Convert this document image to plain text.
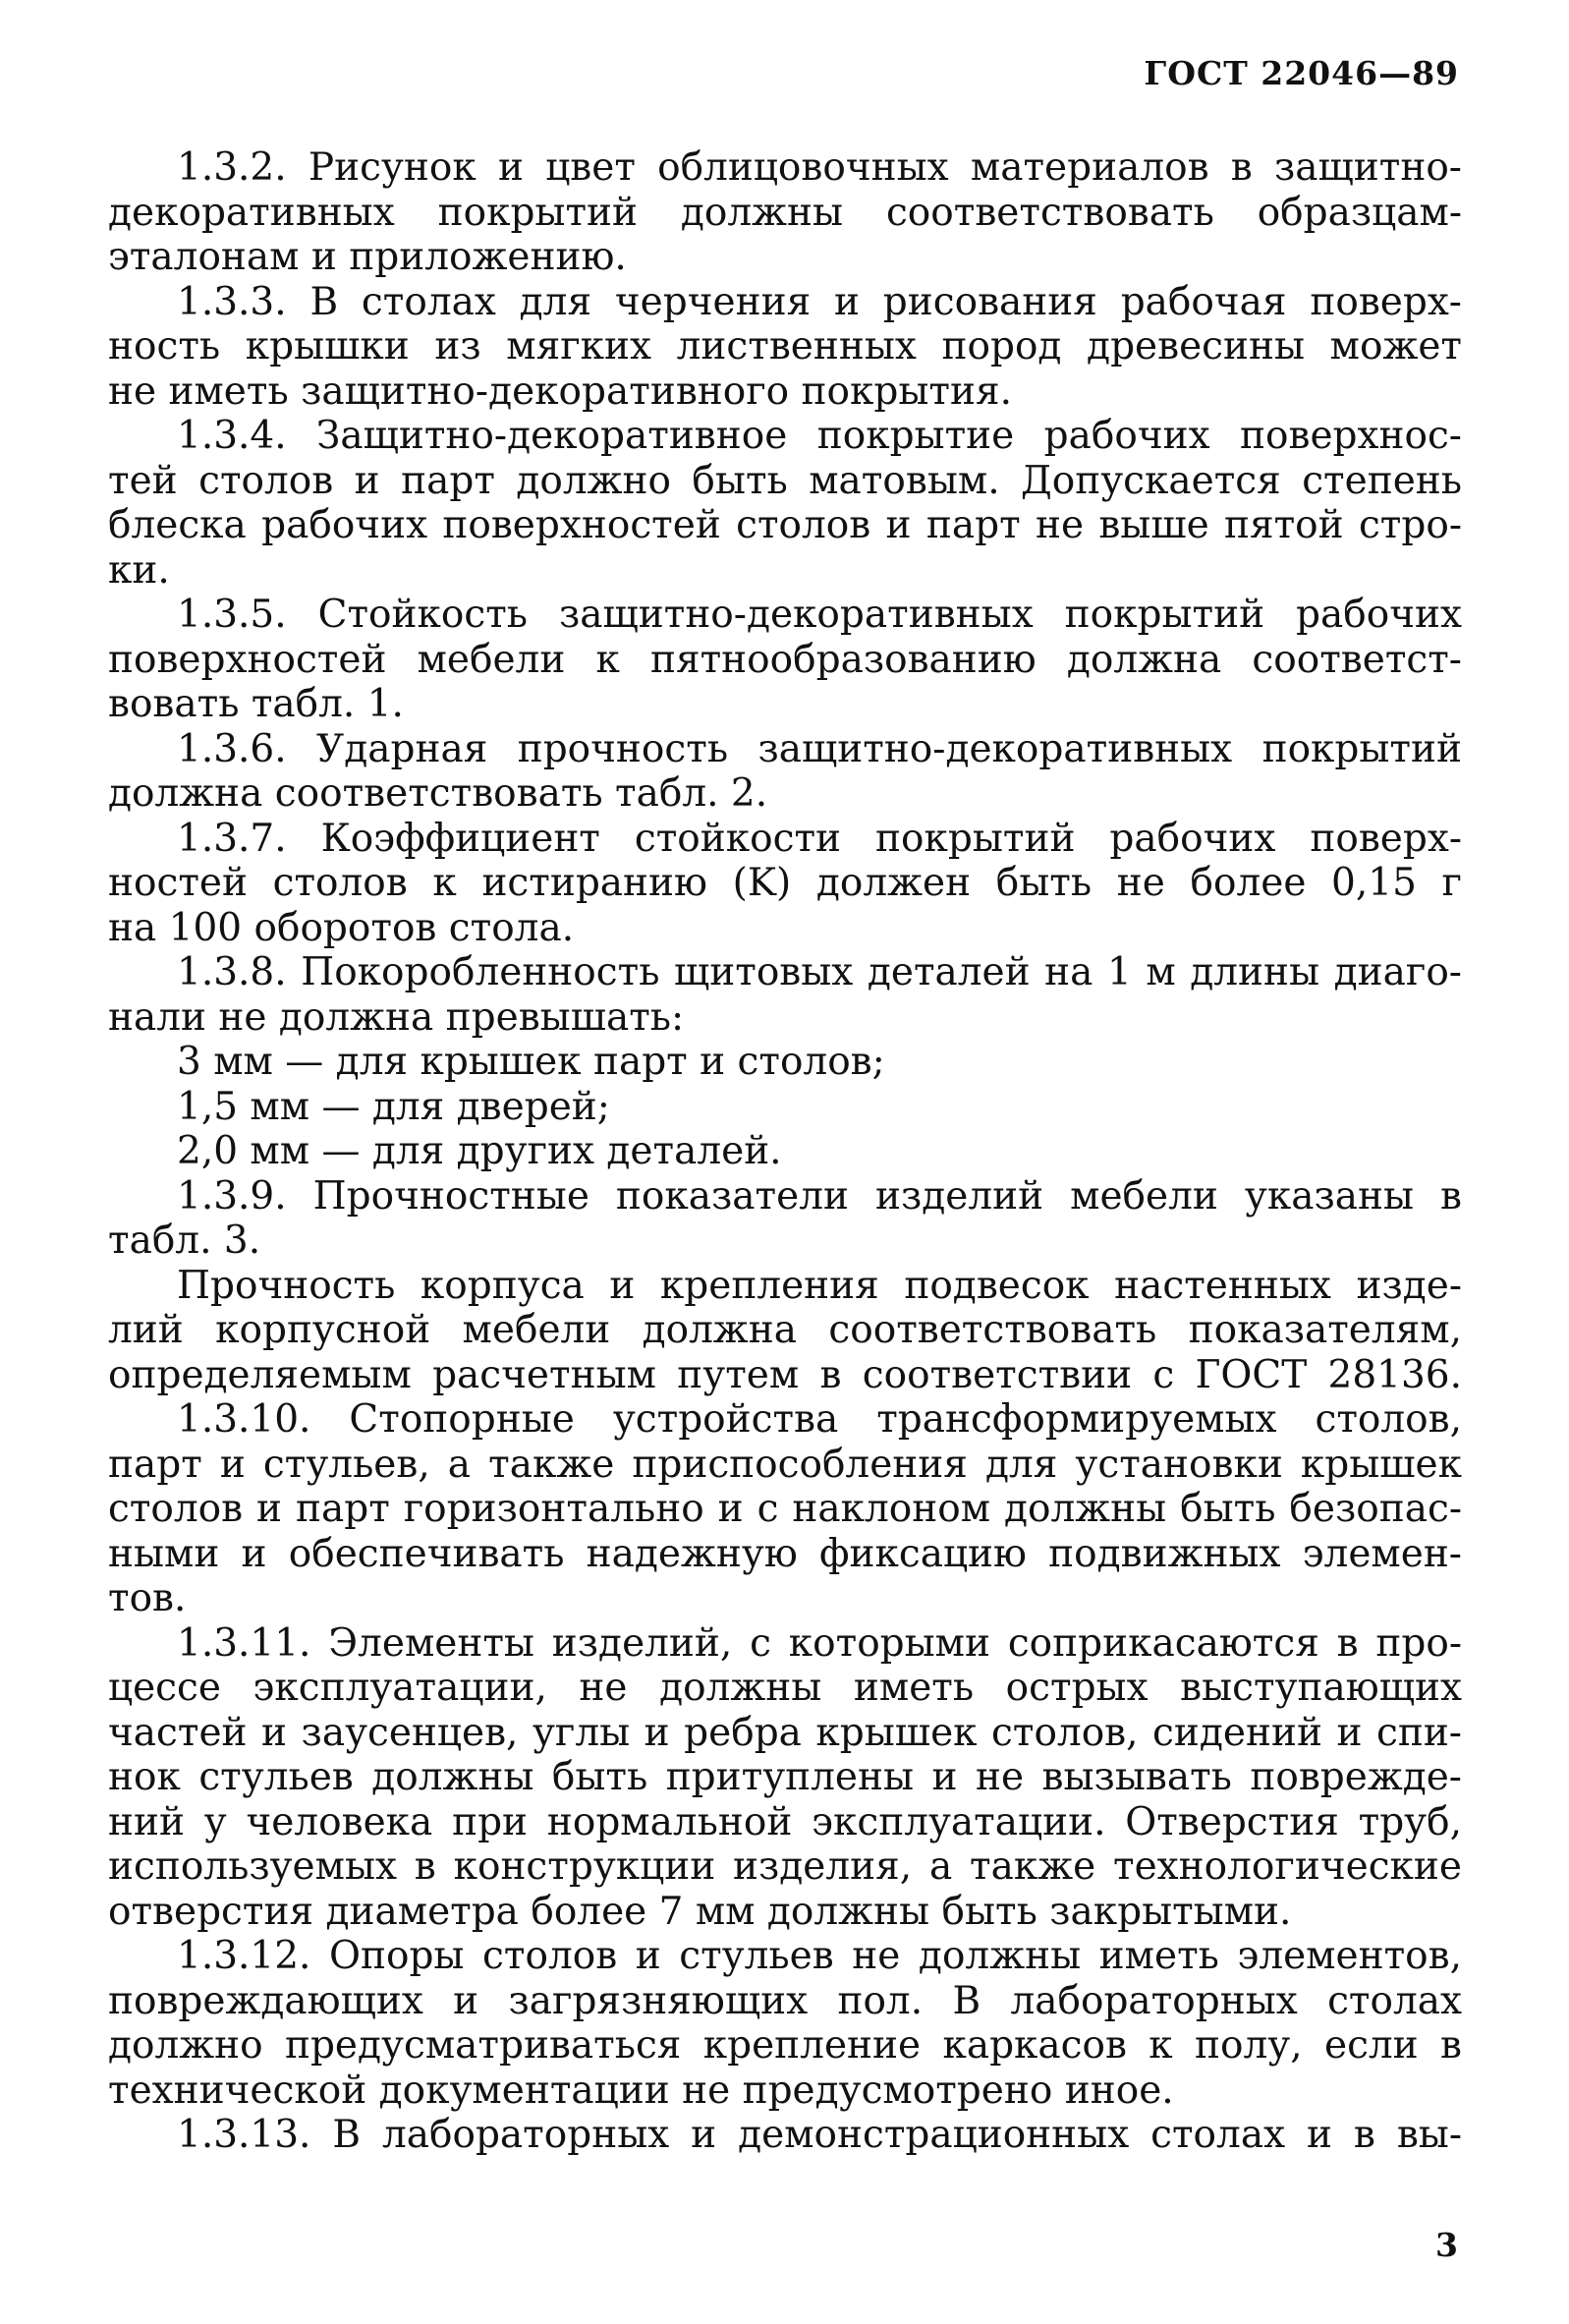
ГОСТ 22046—89
1.3.2. Рисунок и цвет облицовочных материалов в защитно-
декоративных покрытий должны соответствовать образцам-
эталонам и приложению.
1.3.3. В столах для черчения и рисования рабочая поверх-
ность крышки из мягких лиственных пород древесины может
не иметь защитно-декоративного покрытия.
1.3.4. Защитно-декоративное покрытие рабочих поверхнос-
тей столов и парт должно быть матовым. Допускается степень
блеска рабочих поверхностей столов и парт не выше пятой стро-
ки.
1.3.5. Стойкость защитно-декоративных покрытий рабочих
поверхностей мебели к пятнообразованию должна соответст-
вовать табл. 1.
1.3.6. Ударная прочность защитно-декоративных покрытий
должна соответствовать табл. 2.
1.3.7. Коэффициент стойкости покрытий рабочих поверх-
ностей столов к истиранию (K) должен быть не более 0,15 г
на 100 оборотов стола.
1.3.8. Покоробленность щитовых деталей на 1 м длины диаго-
нали не должна превышать:
3 мм — для крышек парт и столов;
1,5 мм — для дверей;
2,0 мм — для других деталей.
1.3.9. Прочностные показатели изделий мебели указаны в
табл. 3.
Прочность корпуса и крепления подвесок настенных изде-
лий корпусной мебели должна соответствовать показателям,
определяемым расчетным путем в соответствии с ГОСТ 28136.
1.3.10. Стопорные устройства трансформируемых столов,
парт и стульев, а также приспособления для установки крышек
столов и парт горизонтально и с наклоном должны быть безопас-
ными и обеспечивать надежную фиксацию подвижных элемен-
тов.
1.3.11. Элементы изделий, с которыми соприкасаются в про-
цессе эксплуатации, не должны иметь острых выступающих
частей и заусенцев, углы и ребра крышек столов, сидений и спи-
нок стульев должны быть притуплены и не вызывать поврежде-
ний у человека при нормальной эксплуатации. Отверстия труб,
используемых в конструкции изделия, а также технологические
отверстия диаметра более 7 мм должны быть закрытыми.
1.3.12. Опоры столов и стульев не должны иметь элементов,
повреждающих и загрязняющих пол. В лабораторных столах
должно предусматриваться крепление каркасов к полу, если в
технической документации не предусмотрено иное.
1.3.13. В лабораторных и демонстрационных столах и в вы-
3
